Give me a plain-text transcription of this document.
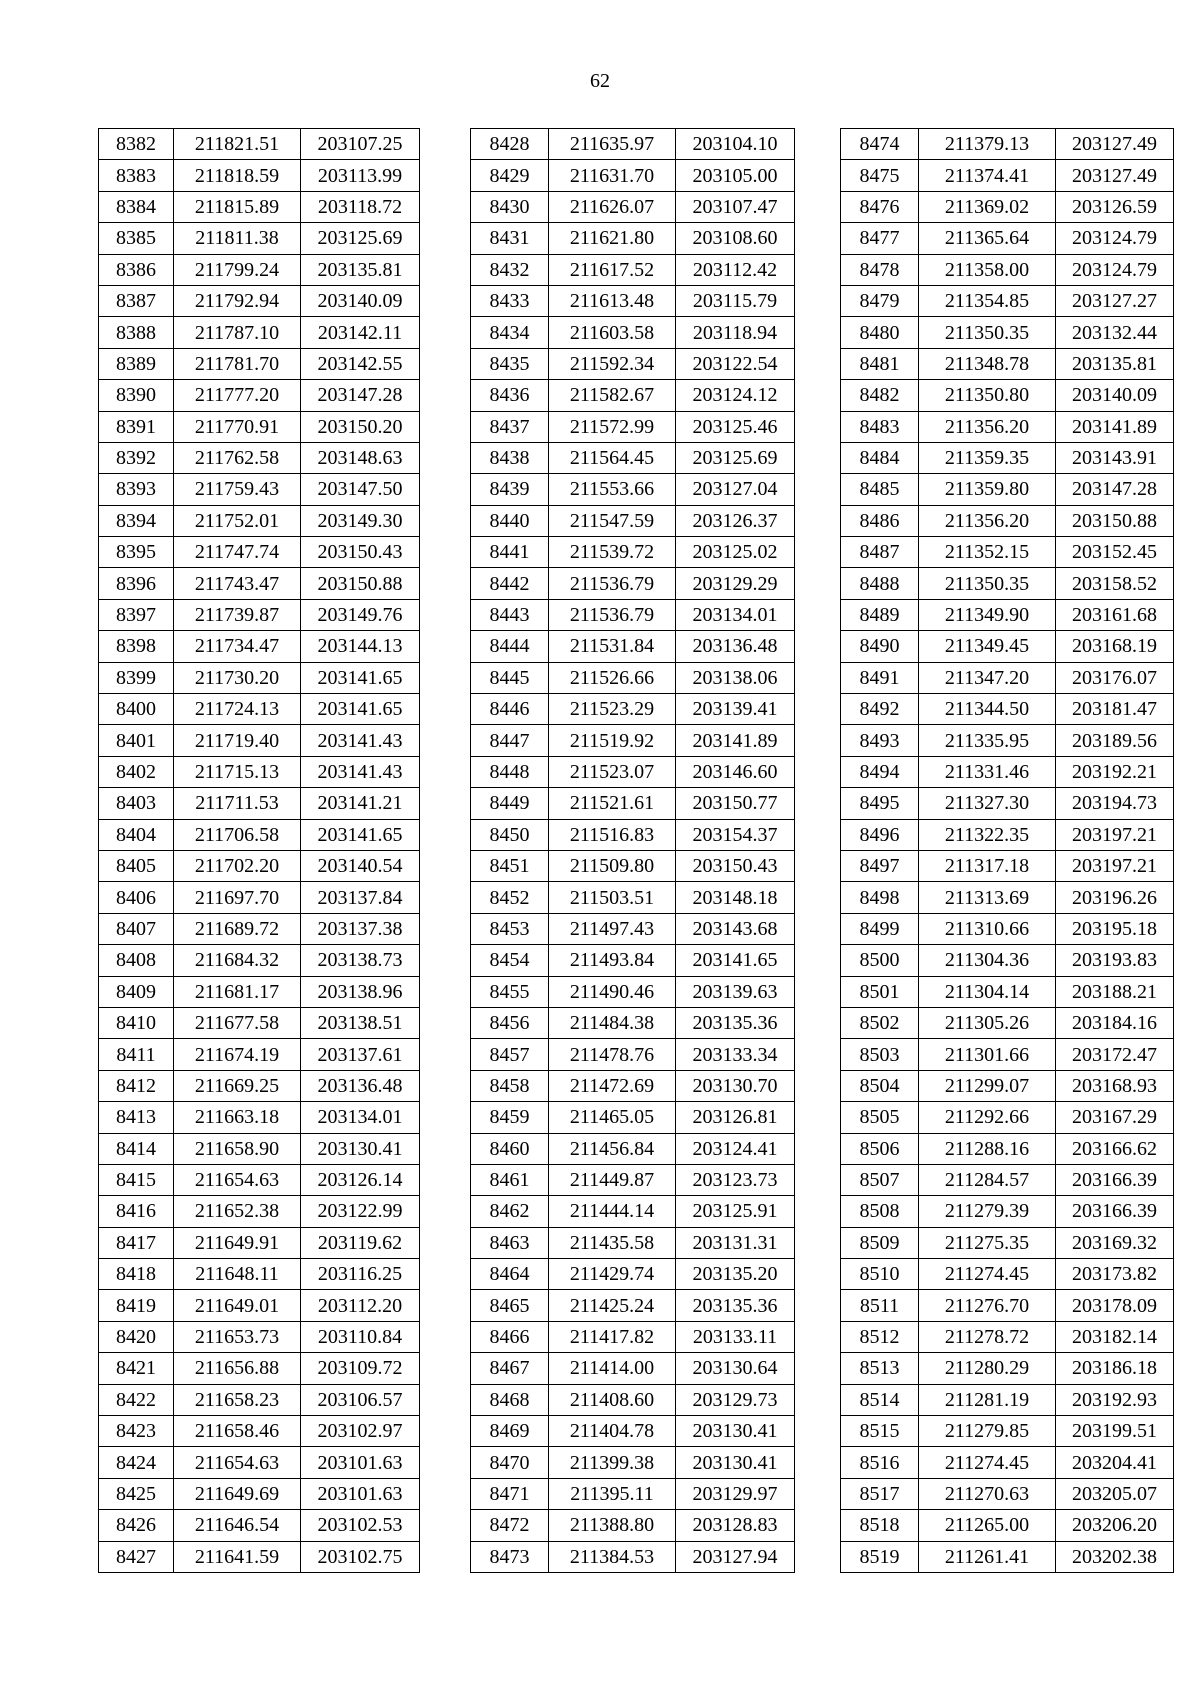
62
8382	211821.51	203107.25
8383	211818.59	203113.99
8384	211815.89	203118.72
8385	211811.38	203125.69
8386	211799.24	203135.81
8387	211792.94	203140.09
8388	211787.10	203142.11
8389	211781.70	203142.55
8390	211777.20	203147.28
8391	211770.91	203150.20
8392	211762.58	203148.63
8393	211759.43	203147.50
8394	211752.01	203149.30
8395	211747.74	203150.43
8396	211743.47	203150.88
8397	211739.87	203149.76
8398	211734.47	203144.13
8399	211730.20	203141.65
8400	211724.13	203141.65
8401	211719.40	203141.43
8402	211715.13	203141.43
8403	211711.53	203141.21
8404	211706.58	203141.65
8405	211702.20	203140.54
8406	211697.70	203137.84
8407	211689.72	203137.38
8408	211684.32	203138.73
8409	211681.17	203138.96
8410	211677.58	203138.51
8411	211674.19	203137.61
8412	211669.25	203136.48
8413	211663.18	203134.01
8414	211658.90	203130.41
8415	211654.63	203126.14
8416	211652.38	203122.99
8417	211649.91	203119.62
8418	211648.11	203116.25
8419	211649.01	203112.20
8420	211653.73	203110.84
8421	211656.88	203109.72
8422	211658.23	203106.57
8423	211658.46	203102.97
8424	211654.63	203101.63
8425	211649.69	203101.63
8426	211646.54	203102.53
8427	211641.59	203102.75
8428	211635.97	203104.10
8429	211631.70	203105.00
8430	211626.07	203107.47
8431	211621.80	203108.60
8432	211617.52	203112.42
8433	211613.48	203115.79
8434	211603.58	203118.94
8435	211592.34	203122.54
8436	211582.67	203124.12
8437	211572.99	203125.46
8438	211564.45	203125.69
8439	211553.66	203127.04
8440	211547.59	203126.37
8441	211539.72	203125.02
8442	211536.79	203129.29
8443	211536.79	203134.01
8444	211531.84	203136.48
8445	211526.66	203138.06
8446	211523.29	203139.41
8447	211519.92	203141.89
8448	211523.07	203146.60
8449	211521.61	203150.77
8450	211516.83	203154.37
8451	211509.80	203150.43
8452	211503.51	203148.18
8453	211497.43	203143.68
8454	211493.84	203141.65
8455	211490.46	203139.63
8456	211484.38	203135.36
8457	211478.76	203133.34
8458	211472.69	203130.70
8459	211465.05	203126.81
8460	211456.84	203124.41
8461	211449.87	203123.73
8462	211444.14	203125.91
8463	211435.58	203131.31
8464	211429.74	203135.20
8465	211425.24	203135.36
8466	211417.82	203133.11
8467	211414.00	203130.64
8468	211408.60	203129.73
8469	211404.78	203130.41
8470	211399.38	203130.41
8471	211395.11	203129.97
8472	211388.80	203128.83
8473	211384.53	203127.94
8474	211379.13	203127.49
8475	211374.41	203127.49
8476	211369.02	203126.59
8477	211365.64	203124.79
8478	211358.00	203124.79
8479	211354.85	203127.27
8480	211350.35	203132.44
8481	211348.78	203135.81
8482	211350.80	203140.09
8483	211356.20	203141.89
8484	211359.35	203143.91
8485	211359.80	203147.28
8486	211356.20	203150.88
8487	211352.15	203152.45
8488	211350.35	203158.52
8489	211349.90	203161.68
8490	211349.45	203168.19
8491	211347.20	203176.07
8492	211344.50	203181.47
8493	211335.95	203189.56
8494	211331.46	203192.21
8495	211327.30	203194.73
8496	211322.35	203197.21
8497	211317.18	203197.21
8498	211313.69	203196.26
8499	211310.66	203195.18
8500	211304.36	203193.83
8501	211304.14	203188.21
8502	211305.26	203184.16
8503	211301.66	203172.47
8504	211299.07	203168.93
8505	211292.66	203167.29
8506	211288.16	203166.62
8507	211284.57	203166.39
8508	211279.39	203166.39
8509	211275.35	203169.32
8510	211274.45	203173.82
8511	211276.70	203178.09
8512	211278.72	203182.14
8513	211280.29	203186.18
8514	211281.19	203192.93
8515	211279.85	203199.51
8516	211274.45	203204.41
8517	211270.63	203205.07
8518	211265.00	203206.20
8519	211261.41	203202.38
